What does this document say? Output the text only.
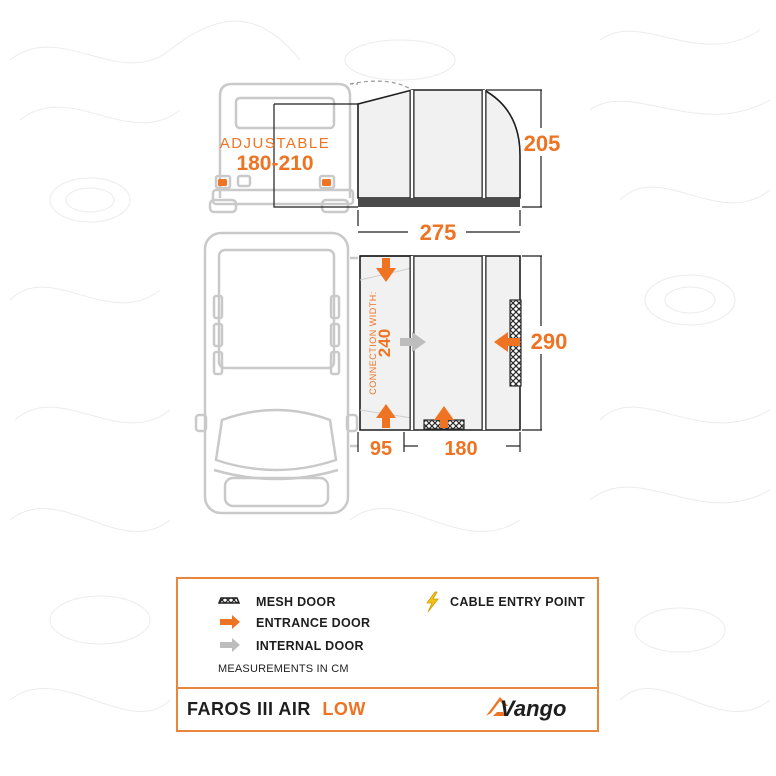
ADJUSTABLE
180-210
205
275
CONNECTION WIDTH:
240	290
95	180
MESH DOOR
ENTRANCE DOOR
INTERNAL DOOR
MEASUREMENTS IN CM
CABLE ENTRY POINT
FAROS III AIR LOW	Vango
